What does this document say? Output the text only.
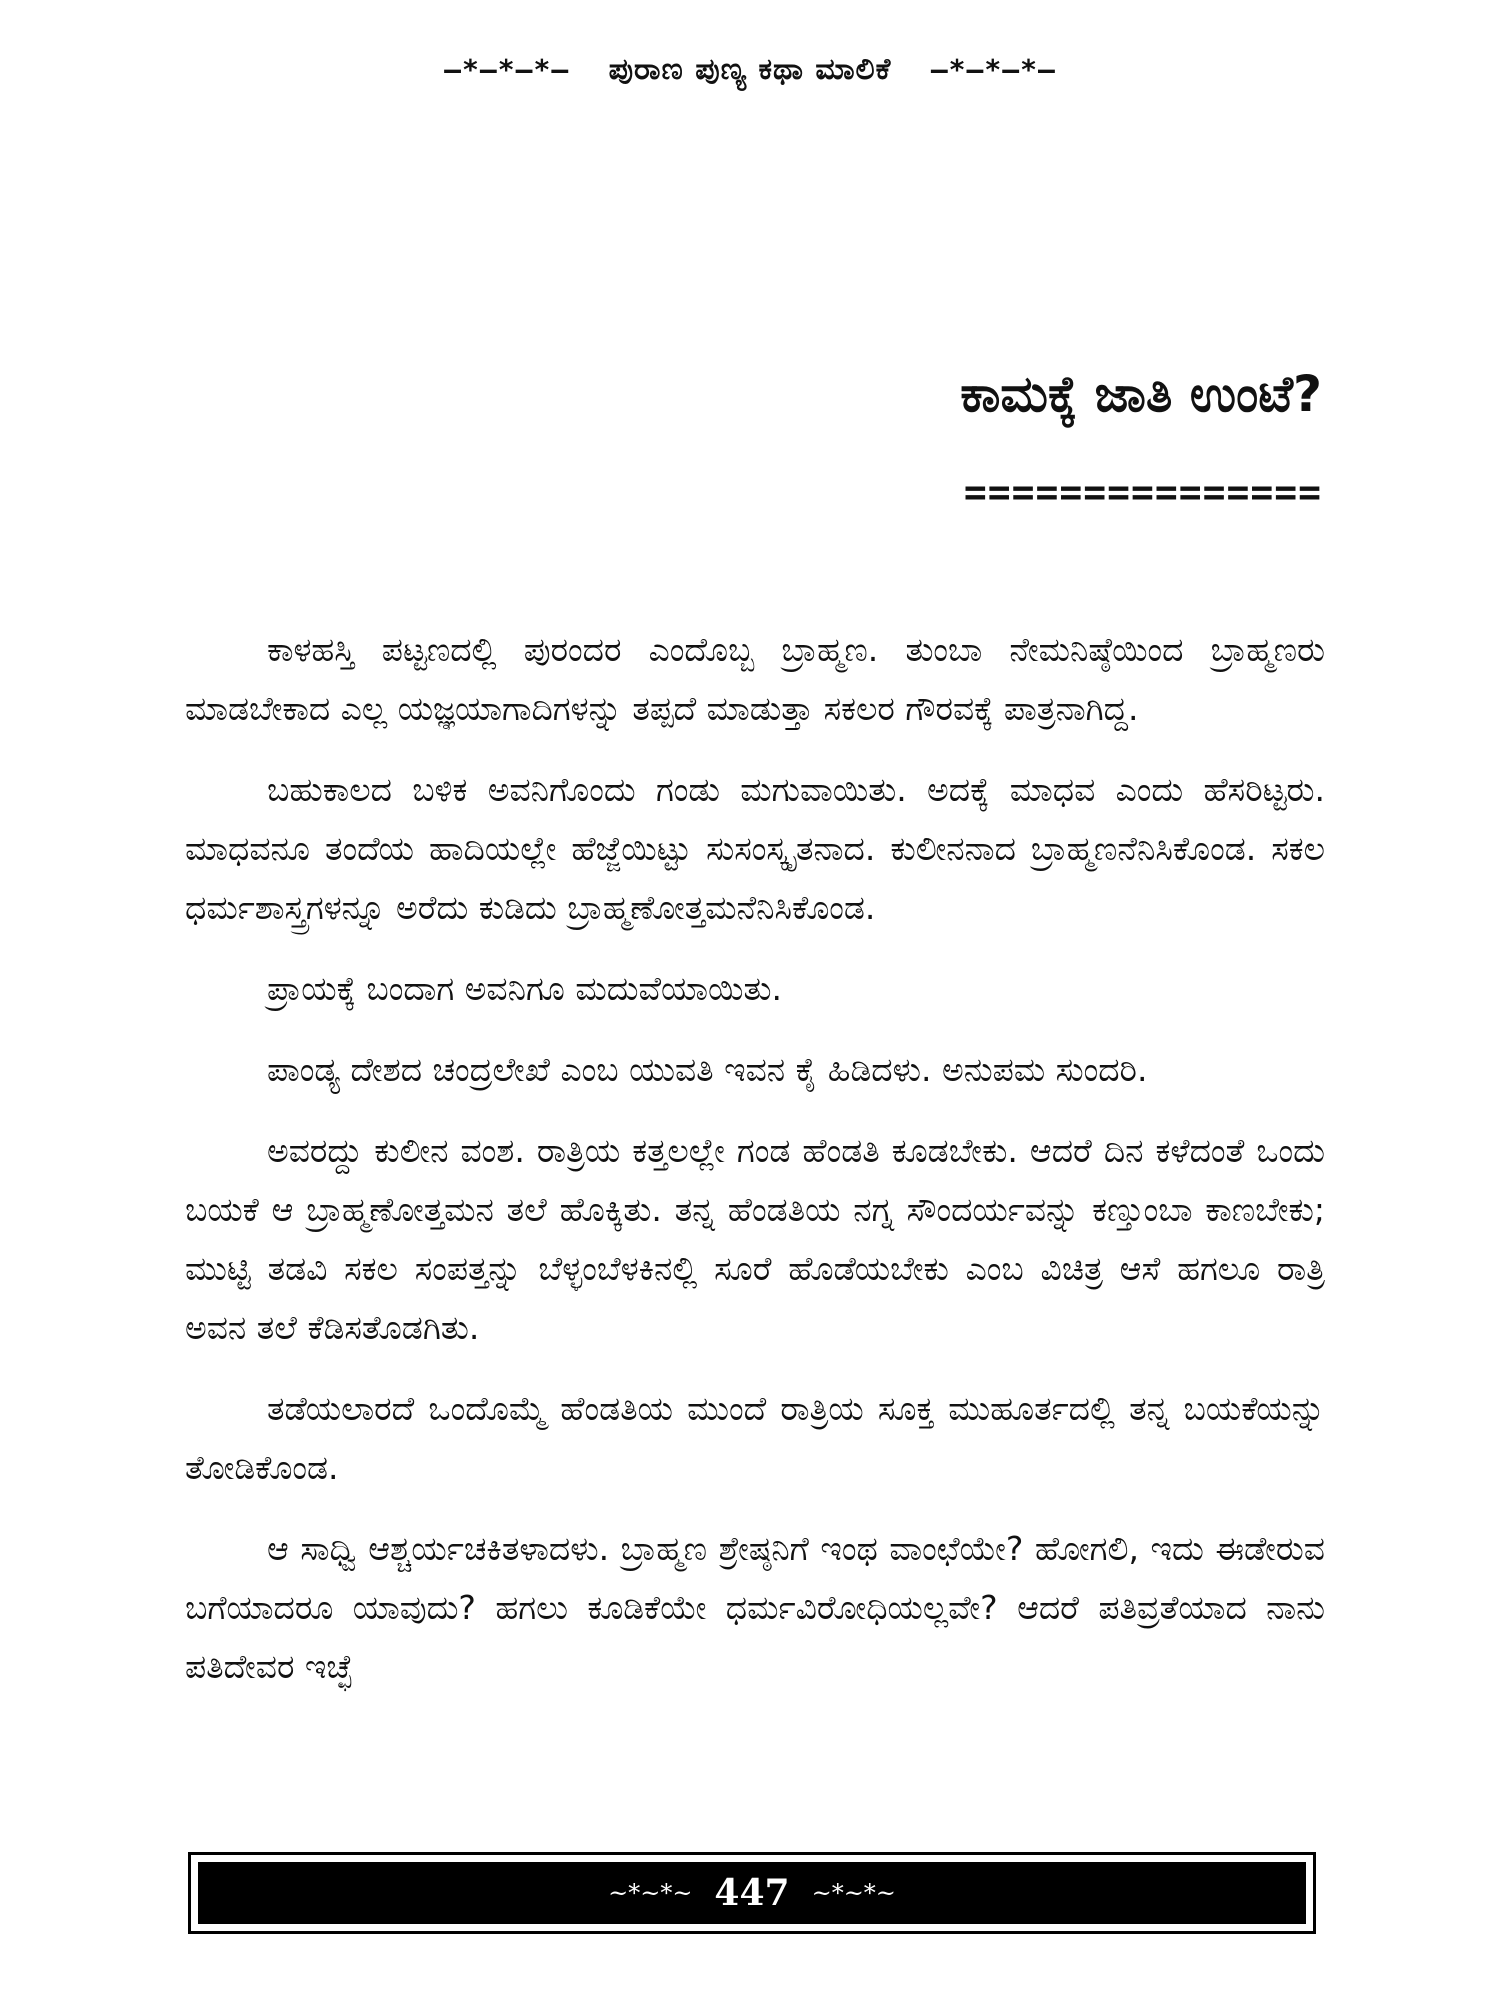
–*–*–*– ಪುರಾಣ ಪುಣ್ಯ ಕಥಾ ಮಾಲಿಕೆ –*–*–*–
ಕಾಮಕ್ಕೆ ಜಾತಿ ಉಂಟೆ?
===============

ಕಾಳಹಸ್ತಿ ಪಟ್ಟಣದಲ್ಲಿ ಪುರಂದರ ಎಂದೊಬ್ಬ ಬ್ರಾಹ್ಮಣ. ತುಂಬಾ ನೇಮನಿಷ್ಠೆಯಿಂದ ಬ್ರಾಹ್ಮಣರು ಮಾಡಬೇಕಾದ ಎಲ್ಲ ಯಜ್ಞಯಾಗಾದಿಗಳನ್ನು ತಪ್ಪದೆ ಮಾಡುತ್ತಾ ಸಕಲರ ಗೌರವಕ್ಕೆ ಪಾತ್ರನಾಗಿದ್ದ.

ಬಹುಕಾಲದ ಬಳಿಕ ಅವನಿಗೊಂದು ಗಂಡು ಮಗುವಾಯಿತು. ಅದಕ್ಕೆ ಮಾಧವ ಎಂದು ಹೆಸರಿಟ್ಟರು. ಮಾಧವನೂ ತಂದೆಯ ಹಾದಿಯಲ್ಲೇ ಹೆಜ್ಜೆಯಿಟ್ಟು ಸುಸಂಸ್ಕೃತನಾದ. ಕುಲೀನನಾದ ಬ್ರಾಹ್ಮಣನೆನಿಸಿಕೊಂಡ. ಸಕಲ ಧರ್ಮಶಾಸ್ತ್ರಗಳನ್ನೂ ಅರೆದು ಕುಡಿದು ಬ್ರಾಹ್ಮಣೋತ್ತಮನೆನಿಸಿಕೊಂಡ.

ಪ್ರಾಯಕ್ಕೆ ಬಂದಾಗ ಅವನಿಗೂ ಮದುವೆಯಾಯಿತು.

ಪಾಂಡ್ಯ ದೇಶದ ಚಂದ್ರಲೇಖೆ ಎಂಬ ಯುವತಿ ಇವನ ಕೈ ಹಿಡಿದಳು. ಅನುಪಮ ಸುಂದರಿ.

ಅವರದ್ದು ಕುಲೀನ ವಂಶ. ರಾತ್ರಿಯ ಕತ್ತಲಲ್ಲೇ ಗಂಡ ಹೆಂಡತಿ ಕೂಡಬೇಕು. ಆದರೆ ದಿನ ಕಳೆದಂತೆ ಒಂದು ಬಯಕೆ ಆ ಬ್ರಾಹ್ಮಣೋತ್ತಮನ ತಲೆ ಹೊಕ್ಕಿತು. ತನ್ನ ಹೆಂಡತಿಯ ನಗ್ನ ಸೌಂದರ್ಯವನ್ನು ಕಣ್ತುಂಬಾ ಕಾಣಬೇಕು; ಮುಟ್ಟಿ ತಡವಿ ಸಕಲ ಸಂಪತ್ತನ್ನು ಬೆಳ್ಳಂಬೆಳಕಿನಲ್ಲಿ ಸೂರೆ ಹೊಡೆಯಬೇಕು ಎಂಬ ವಿಚಿತ್ರ ಆಸೆ ಹಗಲೂ ರಾತ್ರಿ ಅವನ ತಲೆ ಕೆಡಿಸತೊಡಗಿತು.

ತಡೆಯಲಾರದೆ ಒಂದೊಮ್ಮೆ ಹೆಂಡತಿಯ ಮುಂದೆ ರಾತ್ರಿಯ ಸೂಕ್ತ ಮುಹೂರ್ತದಲ್ಲಿ ತನ್ನ ಬಯಕೆಯನ್ನು ತೋಡಿಕೊಂಡ.

ಆ ಸಾಧ್ವಿ ಆಶ್ಚರ್ಯಚಕಿತಳಾದಳು. ಬ್ರಾಹ್ಮಣ ಶ್ರೇಷ್ಠನಿಗೆ ಇಂಥ ವಾಂಛೆಯೇ? ಹೋಗಲಿ, ಇದು ಈಡೇರುವ ಬಗೆಯಾದರೂ ಯಾವುದು? ಹಗಲು ಕೂಡಿಕೆಯೇ ಧರ್ಮವಿರೋಧಿಯಲ್ಲವೇ? ಆದರೆ ಪತಿವ್ರತೆಯಾದ ನಾನು ಪತಿದೇವರ ಇಚ್ಛೆ

~*~*~ 447 ~*~*~
